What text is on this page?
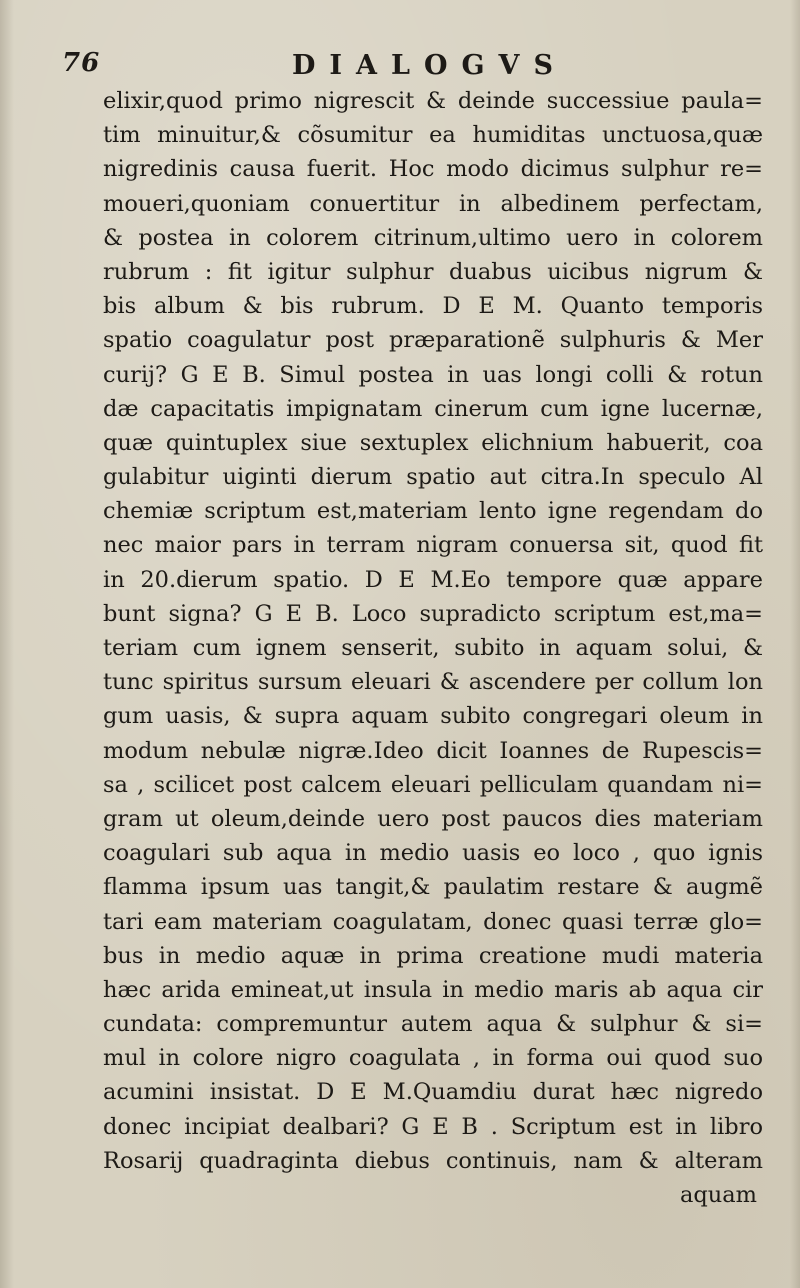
76	DIALOGVS
elixir,quod primo nigrescit & deinde successiue paula=
tim minuitur,& cõsumitur ea humiditas unctuosa,quæ
nigredinis causa fuerit. Hoc modo dicimus sulphur re=
moueri,quoniam conuertitur in albedinem perfectam,
& postea in colorem citrinum,ultimo uero in colorem
rubrum : fit igitur sulphur duabus uicibus nigrum &
bis album & bis rubrum. D E M. Quanto temporis
spatio coagulatur post præparationẽ sulphuris & Mer
curij? G E B. Simul postea in uas longi colli & rotun
dæ capacitatis impignatam cinerum cum igne lucernæ,
quæ quintuplex siue sextuplex elichnium habuerit, coa
gulabitur uiginti dierum spatio aut citra.In speculo Al
chemiæ scriptum est,materiam lento igne regendam do
nec maior pars in terram nigram conuersa sit, quod fit
in 20.dierum spatio. D E M.Eo tempore quæ appare
bunt signa? G E B. Loco supradicto scriptum est,ma=
teriam cum ignem senserit, subito in aquam solui, &
tunc spiritus sursum eleuari & ascendere per collum lon
gum uasis, & supra aquam subito congregari oleum in
modum nebulæ nigræ.Ideo dicit Ioannes de Rupescis=
sa , scilicet post calcem eleuari pelliculam quandam ni=
gram ut oleum,deinde uero post paucos dies materiam
coagulari sub aqua in medio uasis eo loco , quo ignis
flamma ipsum uas tangit,& paulatim restare & augmẽ
tari eam materiam coagulatam, donec quasi terræ glo=
bus in medio aquæ in prima creatione mudi materia
hæc arida emineat,ut insula in medio maris ab aqua cir
cundata: compremuntur autem aqua & sulphur & si=
mul in colore nigro coagulata , in forma oui quod suo
acumini insistat. D E M.Quamdiu durat hæc nigredo
donec incipiat dealbari? G E B . Scriptum est in libro
Rosarij quadraginta diebus continuis, nam & alteram
aquam
